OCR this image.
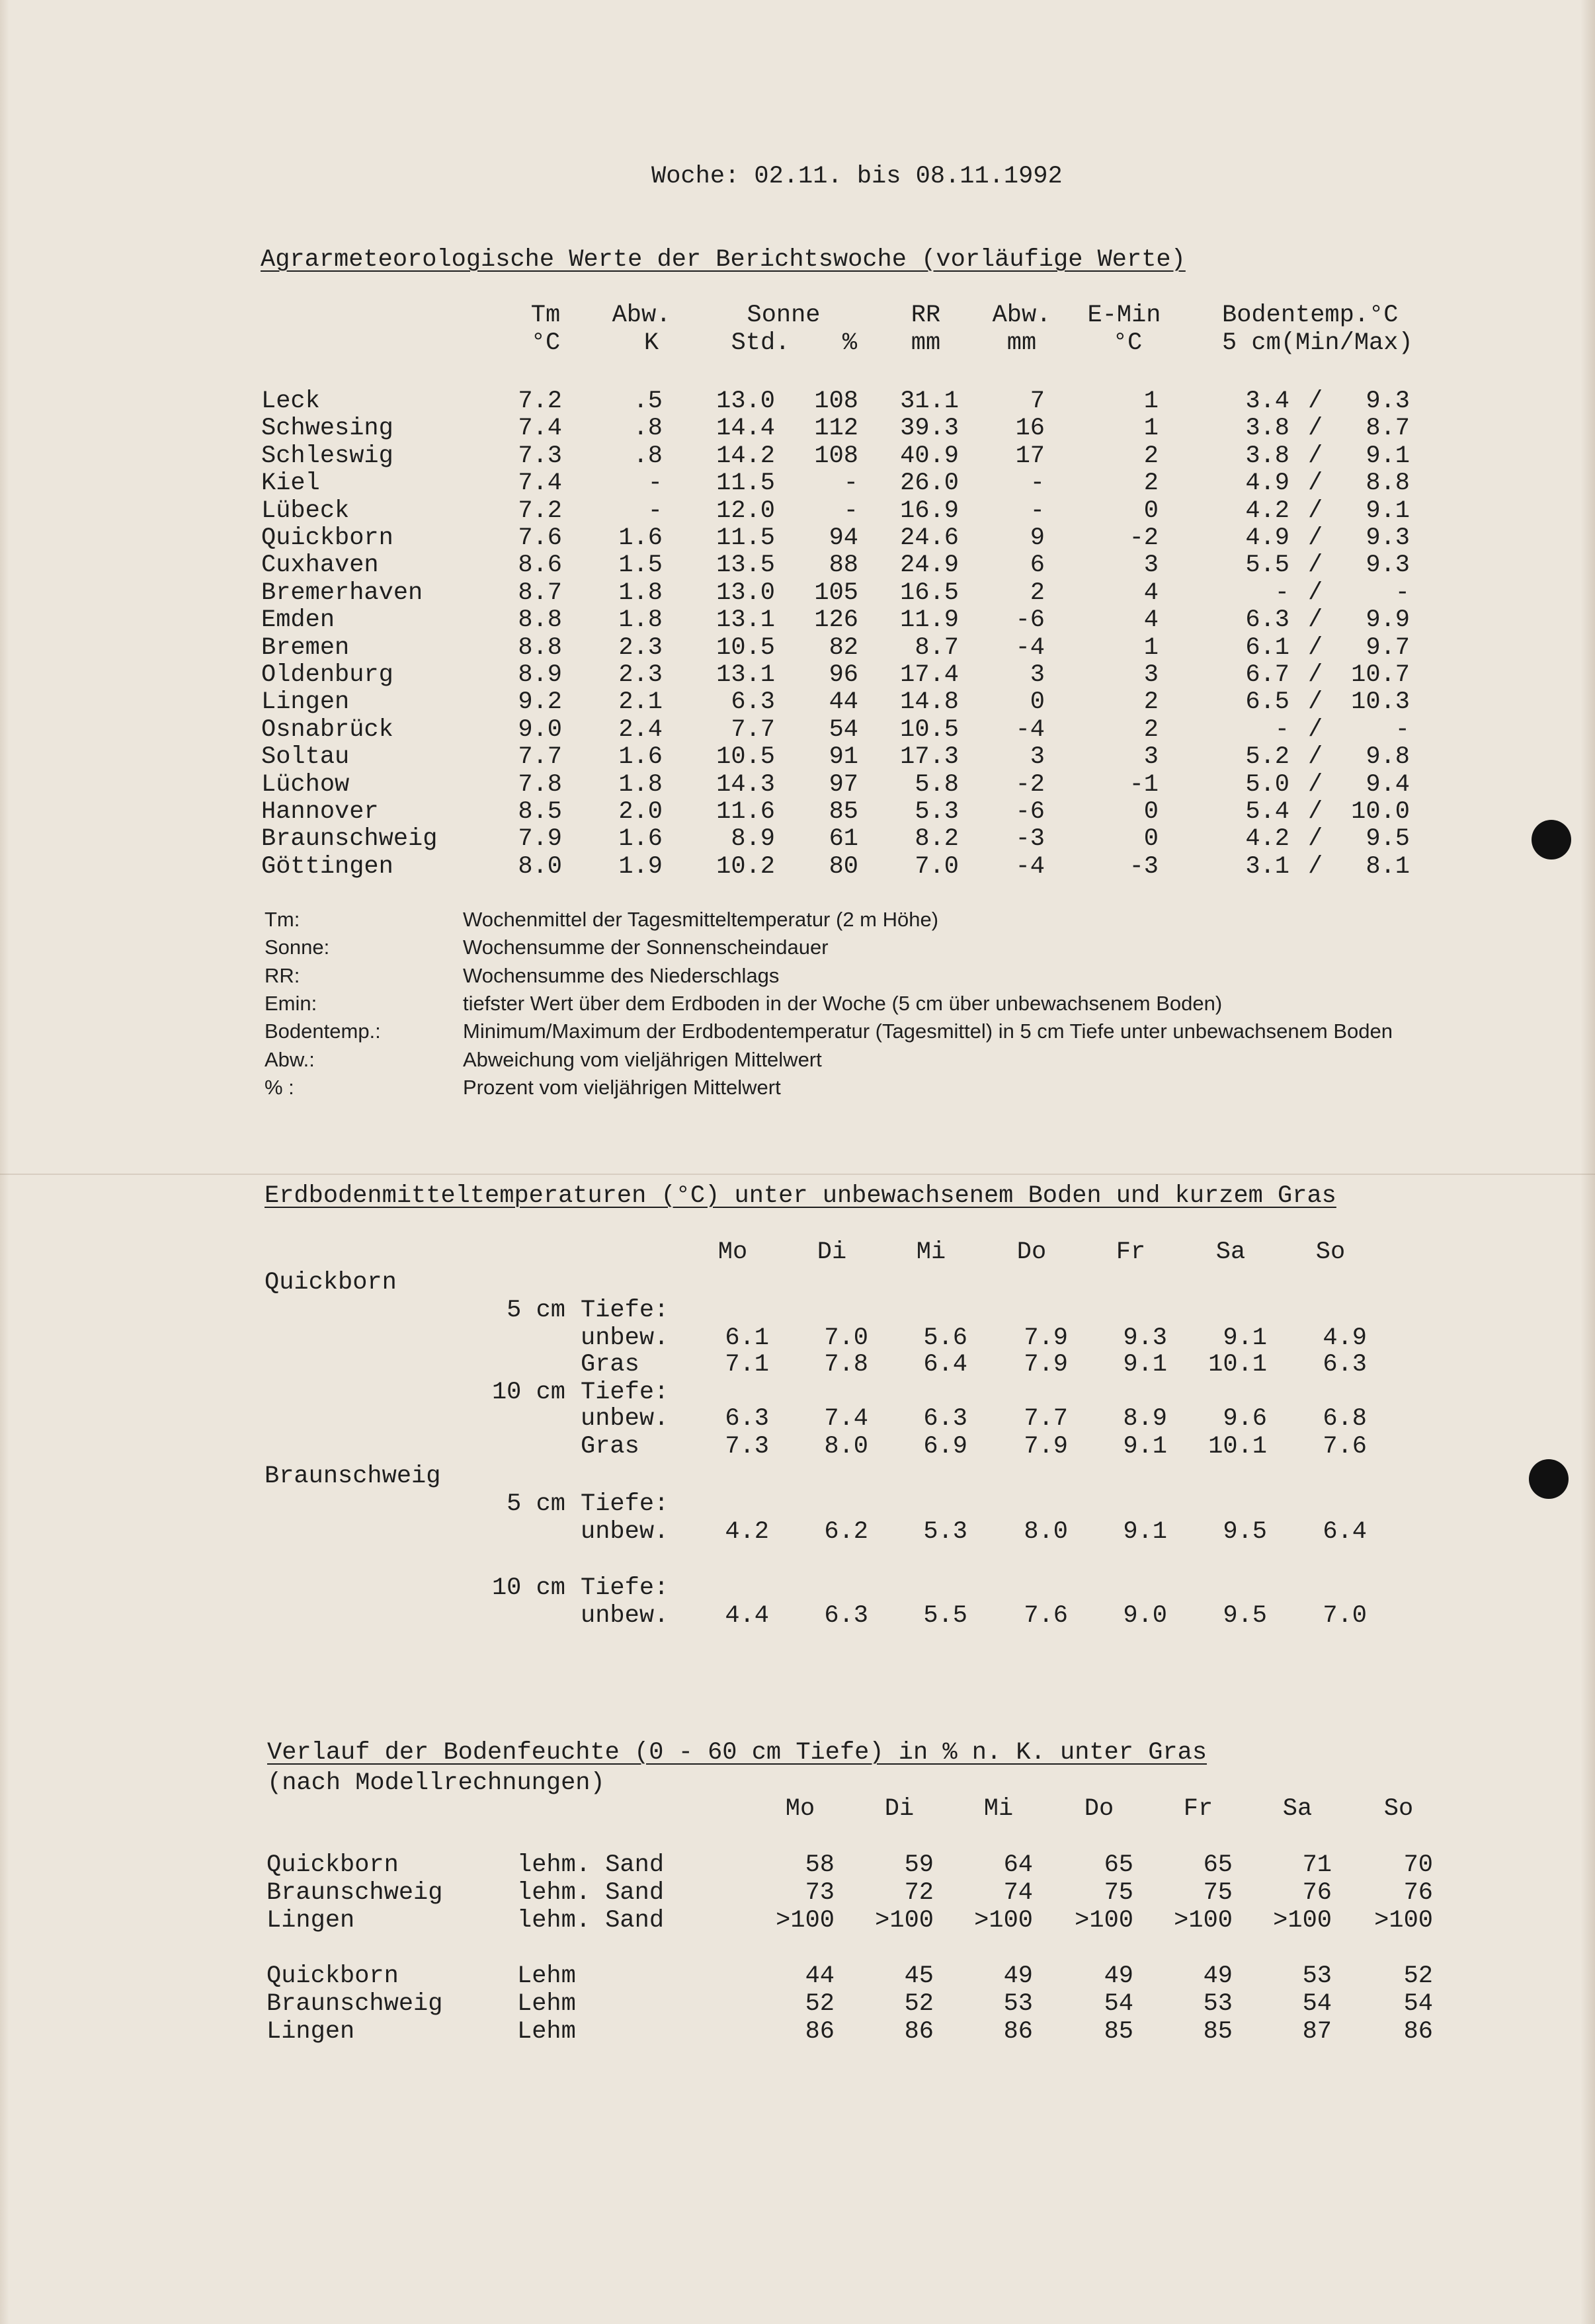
Woche: 02.11. bis 08.11.1992
Agrarmeteorologische Werte der Berichtswoche (vorläufige Werte)
Tm	Abw.	Sonne	RR	Abw.	E-Min	Bodentemp.°C
°C	K	Std.	%	mm	mm	°C	5 cm(Min/Max)
Leck	7.2	.5	13.0	108	31.1	7	1	3.4 /	9.3
Schwesing	7.4	.8	14.4	112	39.3	16	1	3.8 /	8.7
Schleswig	7.3	.8	14.2	108	40.9	17	2	3.8 /	9.1
Kiel	7.4	-	11.5	-	26.0	-	2	4.9 /	8.8
Lübeck	7.2	-	12.0	-	16.9	-	0	4.2 /	9.1
Quickborn	7.6	1.6	11.5	94	24.6	9	-2	4.9 /	9.3
Cuxhaven	8.6	1.5	13.5	88	24.9	6	3	5.5 /	9.3
Bremerhaven	8.7	1.8	13.0	105	16.5	2	4	- /	-
Emden	8.8	1.8	13.1	126	11.9	-6	4	6.3 /	9.9
Bremen	8.8	2.3	10.5	82	8.7	-4	1	6.1 /	9.7
Oldenburg	8.9	2.3	13.1	96	17.4	3	3	6.7 /	10.7
Lingen	9.2	2.1	6.3	44	14.8	0	2	6.5 /	10.3
Osnabrück	9.0	2.4	7.7	54	10.5	-4	2	- /	-
Soltau	7.7	1.6	10.5	91	17.3	3	3	5.2 /	9.8
Lüchow	7.8	1.8	14.3	97	5.8	-2	-1	5.0 /	9.4
Hannover	8.5	2.0	11.6	85	5.3	-6	0	5.4 /	10.0
Braunschweig	7.9	1.6	8.9	61	8.2	-3	0	4.2 /	9.5
Göttingen	8.0	1.9	10.2	80	7.0	-4	-3	3.1 /	8.1
Tm:	Wochenmittel der Tagesmitteltemperatur (2 m Höhe)
Sonne:	Wochensumme der Sonnenscheindauer
RR:	Wochensumme des Niederschlags
Emin:	tiefster Wert über dem Erdboden in der Woche (5 cm über unbewachsenem Boden)
Bodentemp.:	Minimum/Maximum der Erdbodentemperatur (Tagesmittel) in 5 cm Tiefe unter unbewachsenem Boden
Abw.:	Abweichung vom vieljährigen Mittelwert
% :	Prozent vom vieljährigen Mittelwert
Erdbodenmitteltemperaturen (°C) unter unbewachsenem Boden und kurzem Gras
Mo	Di	Mi	Do	Fr	Sa	So
Quickborn
5 cm Tiefe:
unbew.	6.1	7.0	5.6	7.9	9.3	9.1	4.9
Gras	7.1	7.8	6.4	7.9	9.1	10.1	6.3
10 cm Tiefe:
unbew.	6.3	7.4	6.3	7.7	8.9	9.6	6.8
Gras	7.3	8.0	6.9	7.9	9.1	10.1	7.6
Braunschweig
5 cm Tiefe:
unbew.	4.2	6.2	5.3	8.0	9.1	9.5	6.4
10 cm Tiefe:
unbew.	4.4	6.3	5.5	7.6	9.0	9.5	7.0
Verlauf der Bodenfeuchte (0 - 60 cm Tiefe) in % n. K. unter Gras
(nach Modellrechnungen)
Mo	Di	Mi	Do	Fr	Sa	So
Quickborn	lehm. Sand	58	59	64	65	65	71	70
Braunschweig	lehm. Sand	73	72	74	75	75	76	76
Lingen	lehm. Sand	>100	>100	>100	>100	>100	>100	>100
Quickborn	Lehm	44	45	49	49	49	53	52
Braunschweig	Lehm	52	52	53	54	53	54	54
Lingen	Lehm	86	86	86	85	85	87	86
